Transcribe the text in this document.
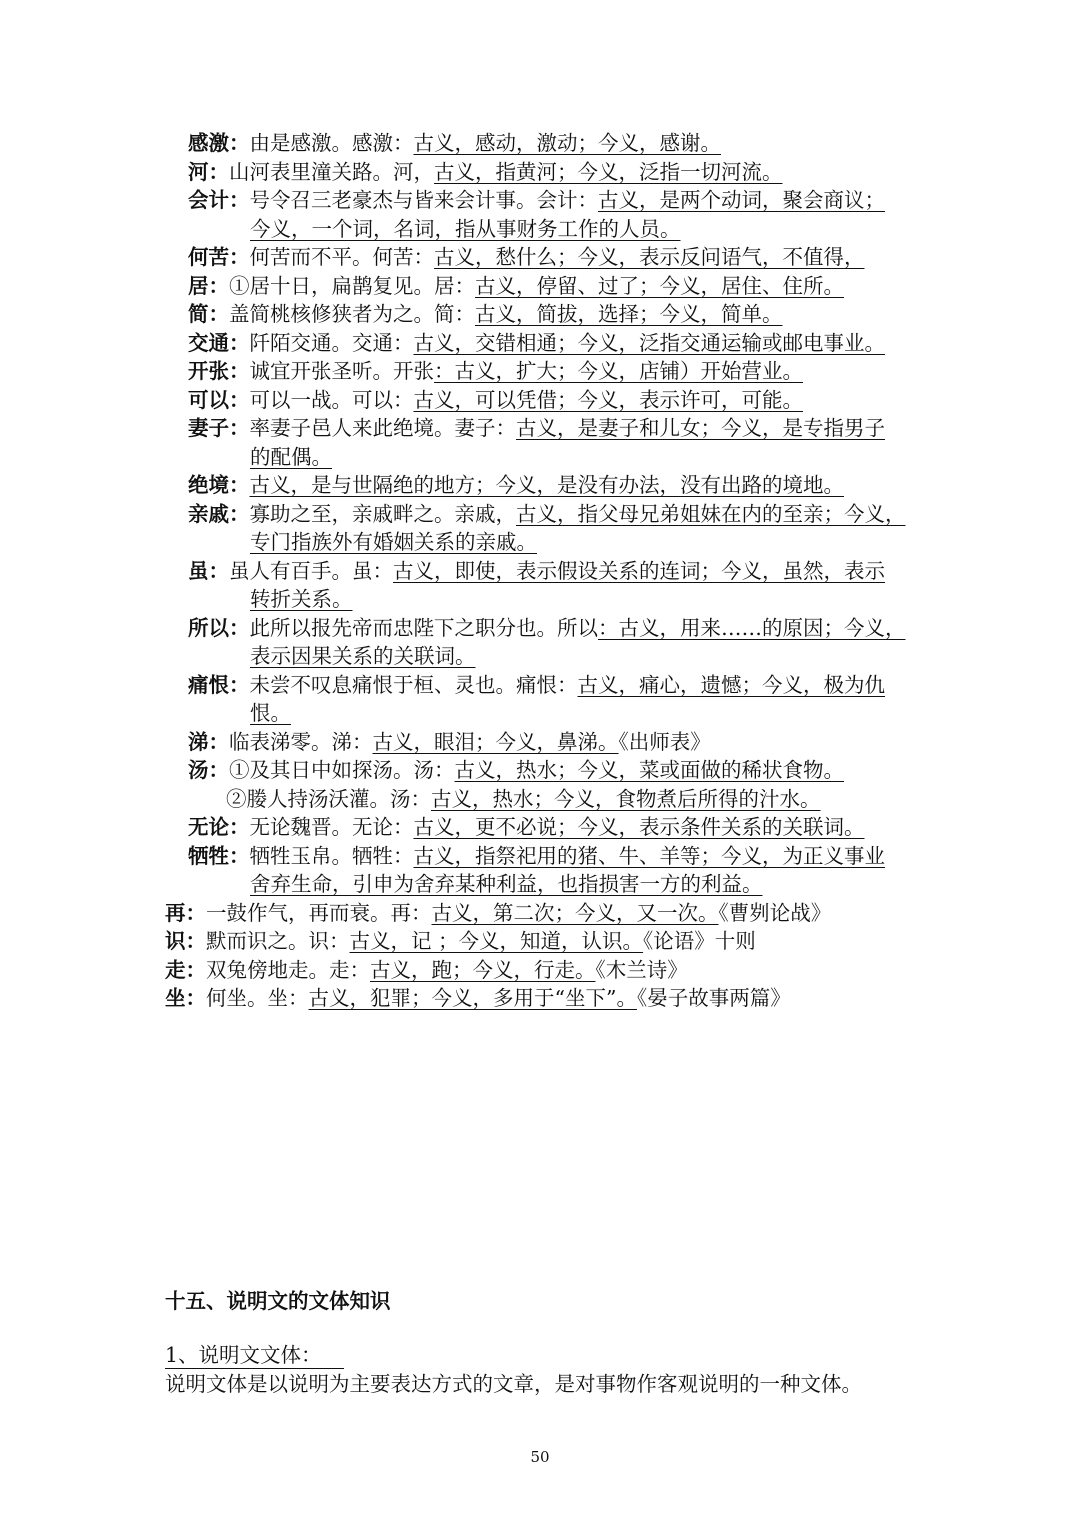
感激：由是感激。感激：古义，感动，激动；今义，感谢。
河：山河表里潼关路。河，古义，指黄河；今义，泛指一切河流。
会计：号令召三老豪杰与皆来会计事。会计：古义，是两个动词，聚会商议；
今义，一个词，名词，指从事财务工作的人员。
何苦：何苦而不平。何苦：古义，愁什么；今义，表示反问语气，不值得，
居：①居十日，扁鹊复见。居：古义，停留、过了；今义，居住、住所。
简：盖简桃核修狭者为之。简：古义，简拔，选择；今义，简单。
交通：阡陌交通。交通：古义，交错相通；今义，泛指交通运输或邮电事业。
开张：诚宜开张圣听。开张：古义，扩大；今义，店铺）开始营业。
可以：可以一战。可以：古义，可以凭借；今义，表示许可，可能。
妻子：率妻子邑人来此绝境。妻子：古义，是妻子和儿女；今义，是专指男子
的配偶。
绝境：古义，是与世隔绝的地方；今义，是没有办法，没有出路的境地。
亲戚：寡助之至，亲戚畔之。亲戚，古义，指父母兄弟姐妹在内的至亲；今义，
专门指族外有婚姻关系的亲戚。
虽：虽人有百手。虽：古义，即使，表示假设关系的连词；今义，虽然，表示
转折关系。
所以：此所以报先帝而忠陛下之职分也。所以：古义，用来……的原因；今义，
表示因果关系的关联词。
痛恨：未尝不叹息痛恨于桓、灵也。痛恨：古义，痛心，遗憾；今义，极为仇
恨。
涕：临表涕零。涕：古义，眼泪；今义，鼻涕。《出师表》
汤：①及其日中如探汤。汤：古义，热水；今义，菜或面做的稀状食物。
②媵人持汤沃灌。汤：古义，热水；今义，食物煮后所得的汁水。
无论：无论魏晋。无论：古义，更不必说；今义，表示条件关系的关联词。
牺牲：牺牲玉帛。牺牲：古义，指祭祀用的猪、牛、羊等；今义，为正义事业
舍弃生命，引申为舍弃某种利益，也指损害一方的利益。
再：一鼓作气，再而衰。再：古义，第二次；今义，又一次。《曹刿论战》
识：默而识之。识：古义，记 ；今义，知道，认识。《论语》十则
走：双兔傍地走。走：古义，跑；今义，行走。《木兰诗》
坐：何坐。坐：古义，犯罪；今义，多用于“坐下”。《晏子故事两篇》
十五、说明文的文体知识
1、说明文文体：
说明文体是以说明为主要表达方式的文章，是对事物作客观说明的一种文体。
50
